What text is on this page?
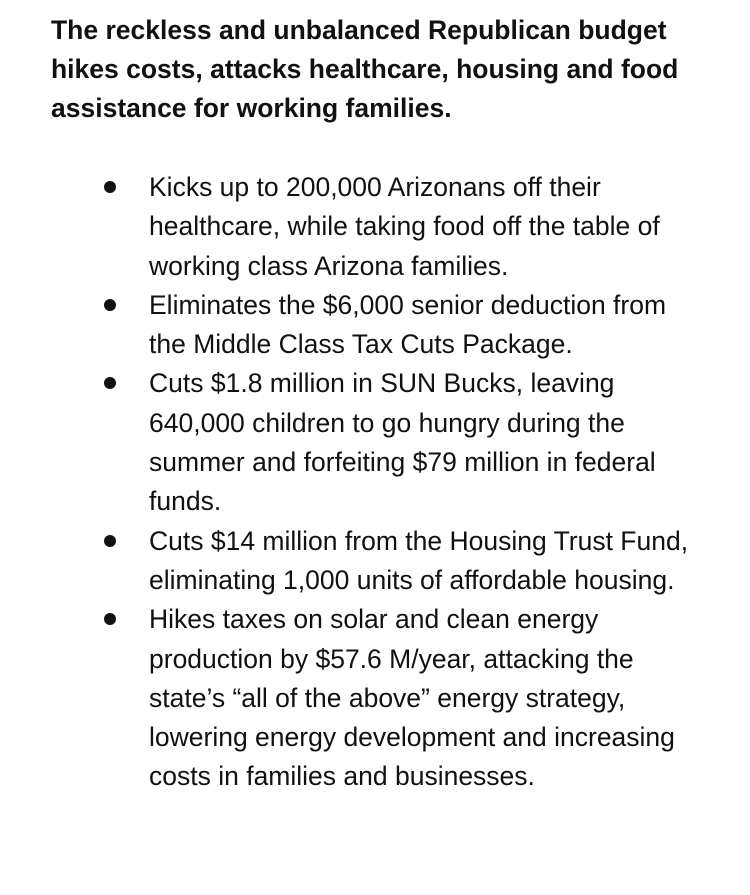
The reckless and unbalanced Republican budget hikes costs, attacks healthcare, housing and food assistance for working families.
Kicks up to 200,000 Arizonans off their healthcare, while taking food off the table of working class Arizona families.
Eliminates the $6,000 senior deduction from the Middle Class Tax Cuts Package.
Cuts $1.8 million in SUN Bucks, leaving 640,000 children to go hungry during the summer and forfeiting $79 million in federal funds.
Cuts $14 million from the Housing Trust Fund, eliminating 1,000 units of affordable housing.
Hikes taxes on solar and clean energy production by $57.6 M/year, attacking the state’s “all of the above” energy strategy, lowering energy development and increasing costs in families and businesses.
